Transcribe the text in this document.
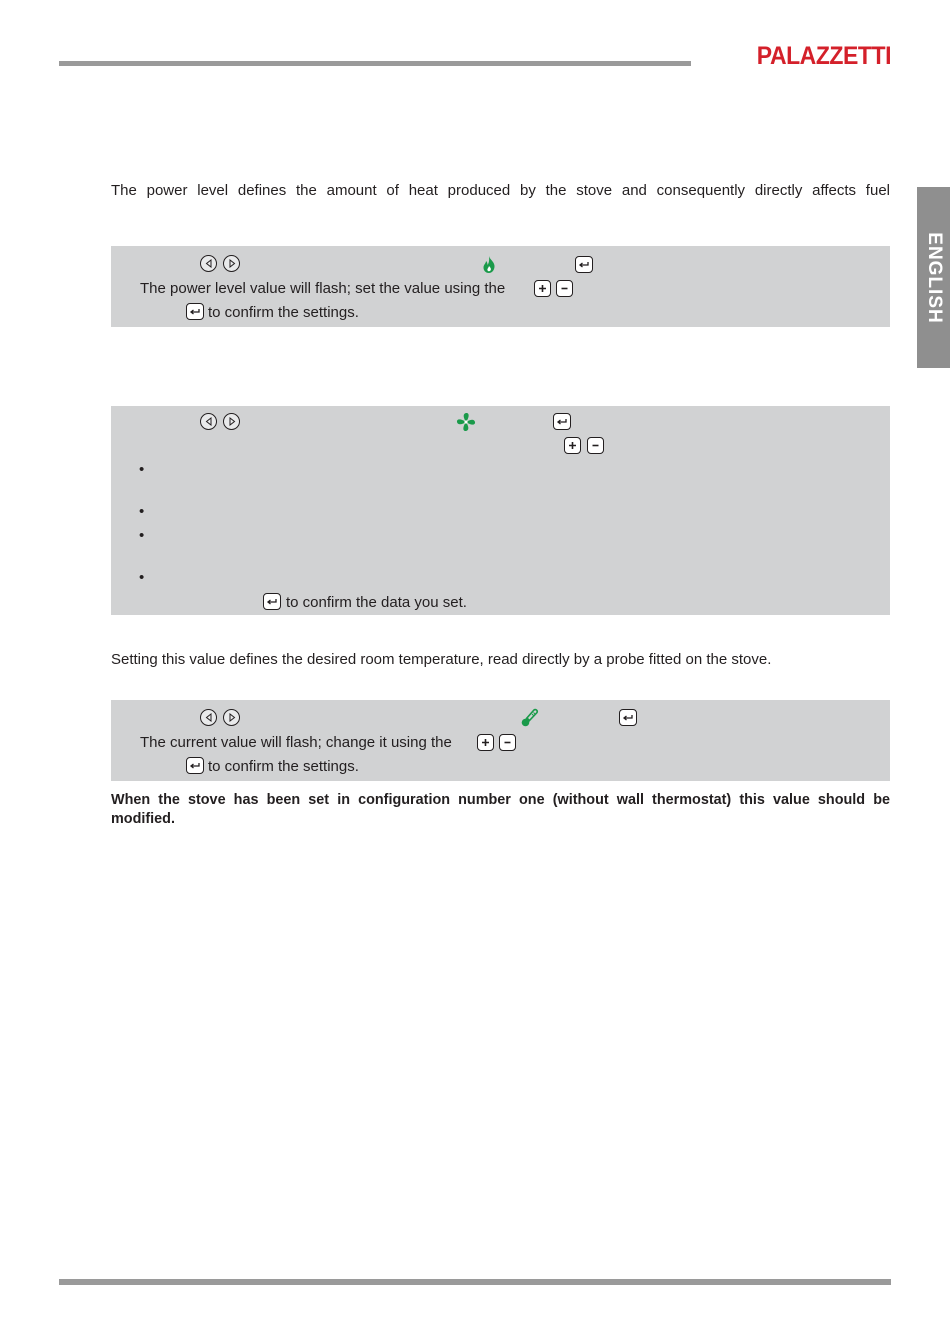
PALAZZETTI
ENGLISH
The power level defines the amount of heat produced by the stove and consequently directly affects fuel
The power level value will flash; set the value using the
to confirm the settings.
•
•
•
•
to confirm the data you set.
Setting this value defines the desired room temperature, read directly by a probe fitted on the stove.
The current value will flash; change it using the
to confirm the settings.
When the stove has been set in configuration number one (without wall thermostat) this value should be modified.
